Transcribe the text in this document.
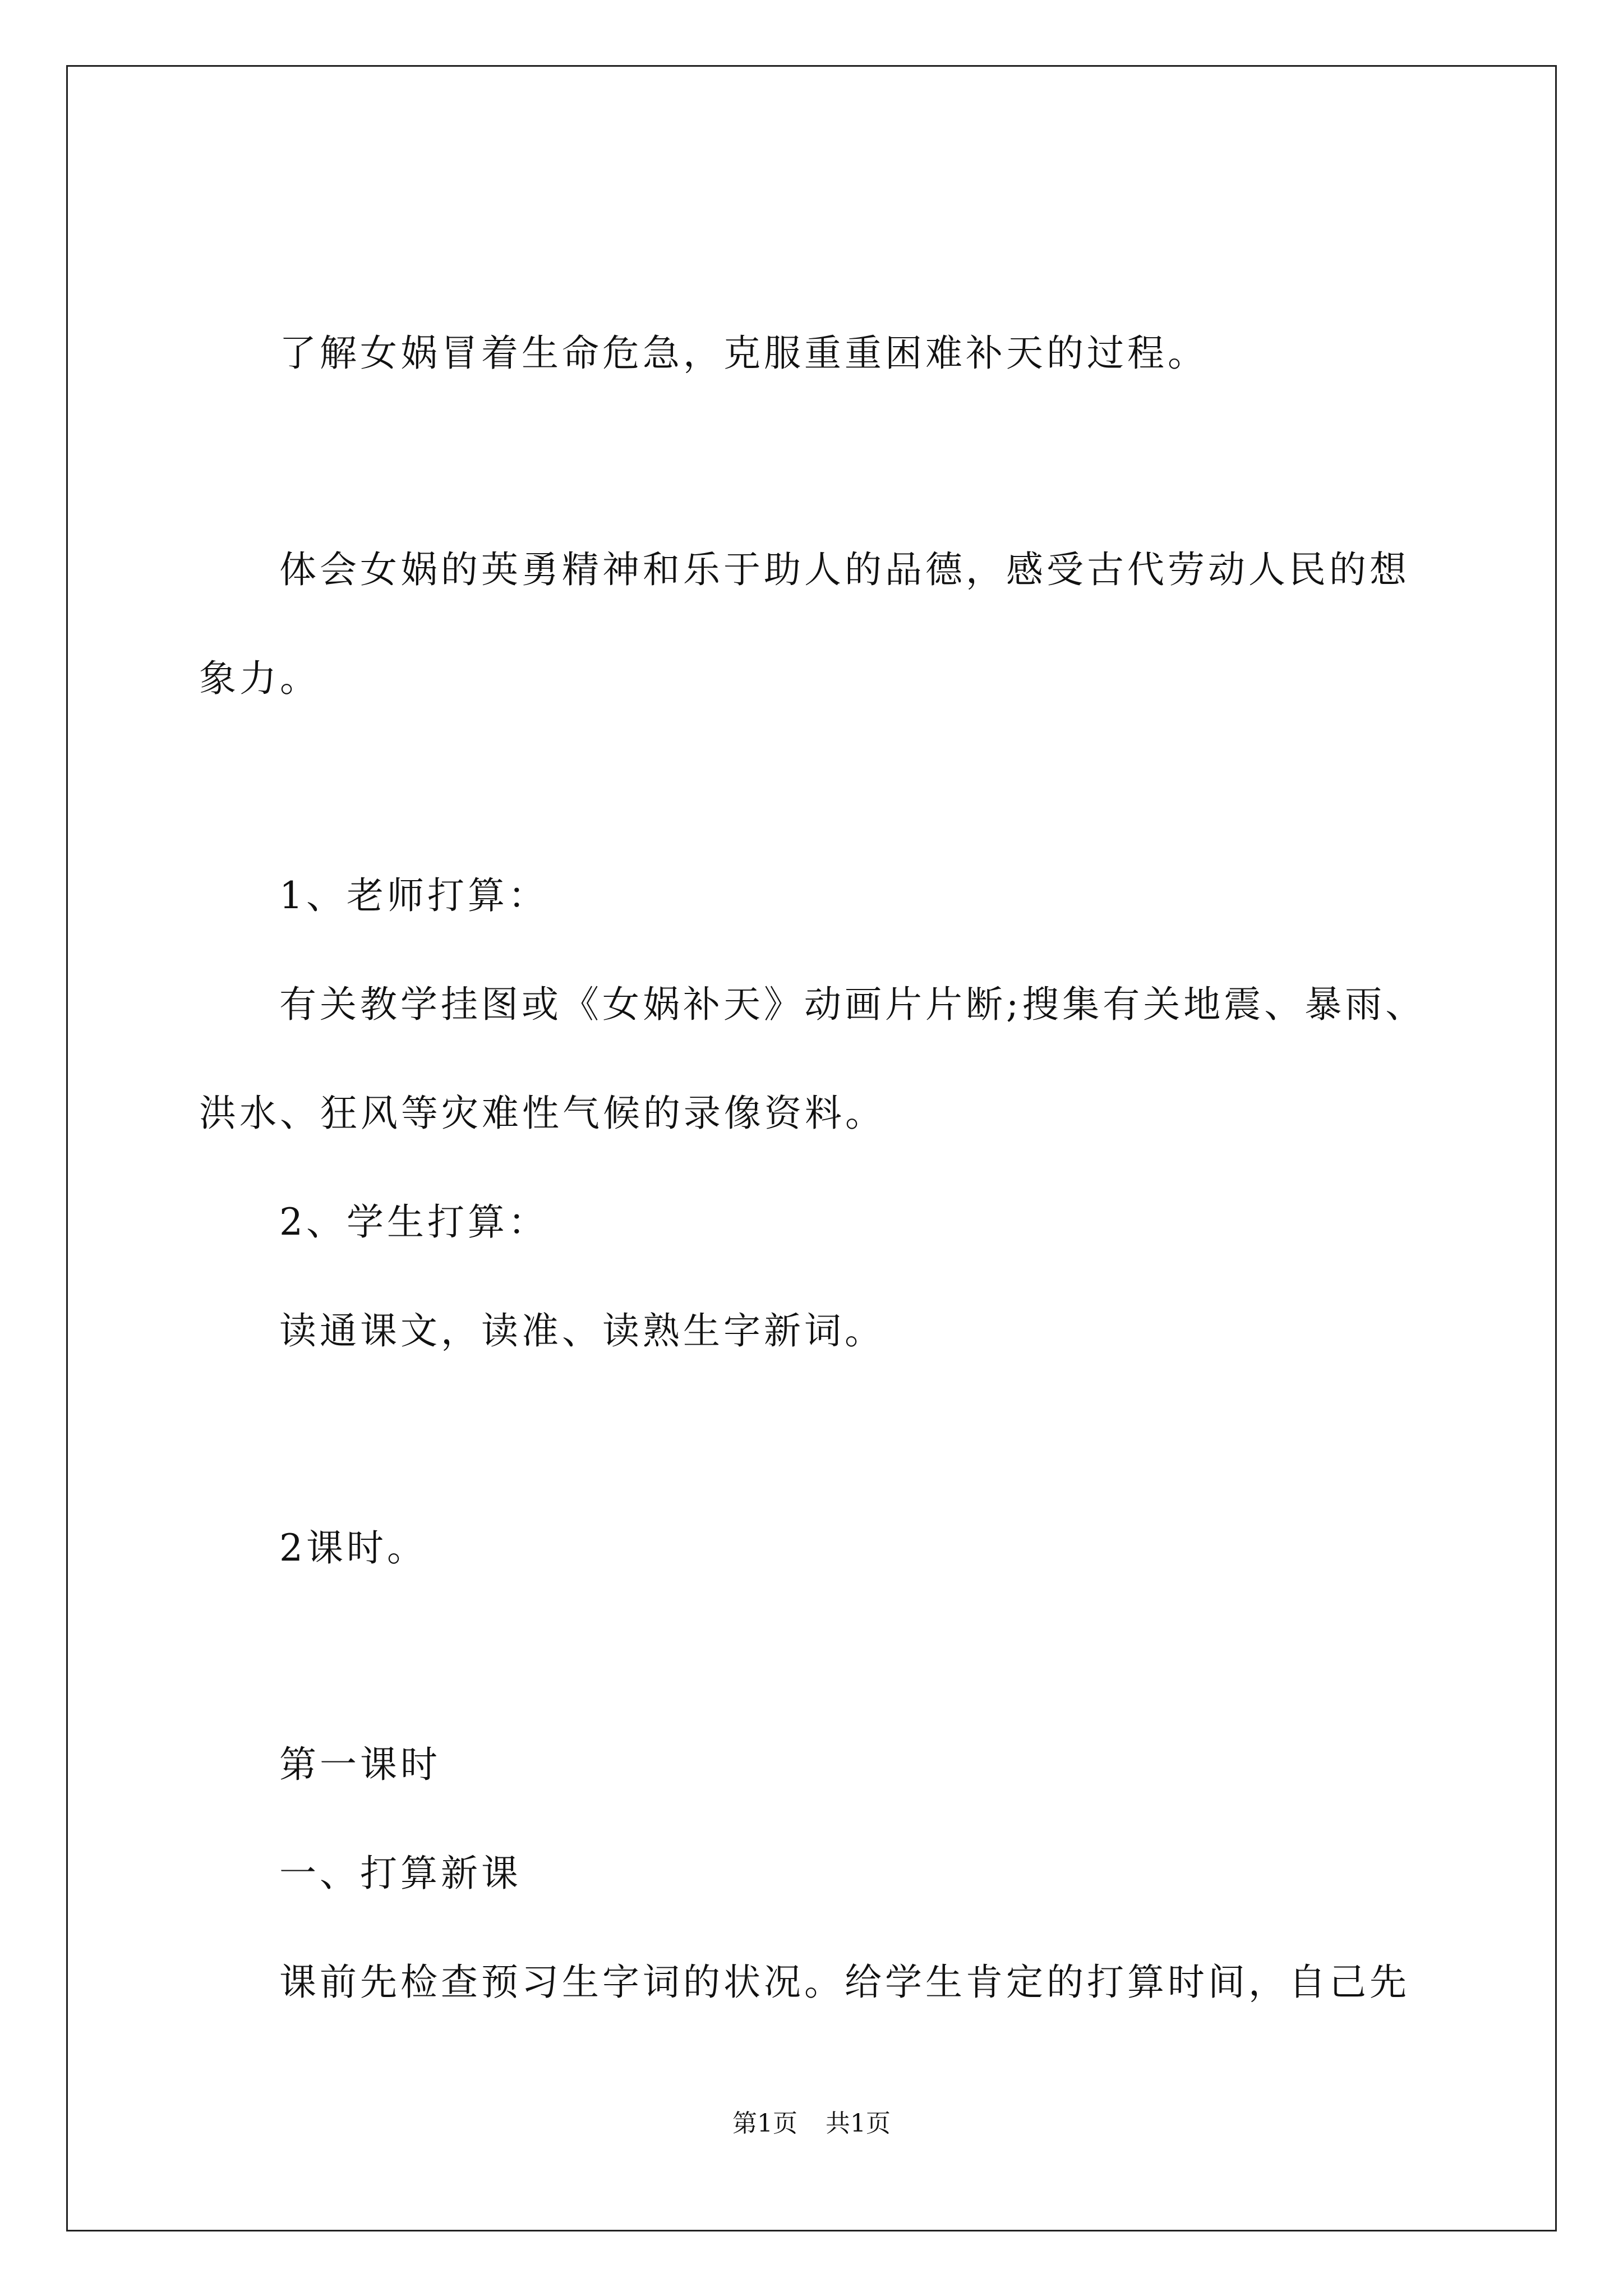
了解女娲冒着生命危急，克服重重困难补天的过程。
体会女娲的英勇精神和乐于助人的品德，感受古代劳动人民的想
象力。
1、老师打算：
有关教学挂图或《女娲补天》动画片片断;搜集有关地震、暴雨、
洪水、狂风等灾难性气候的录像资料。
2、学生打算：
读通课文，读准、读熟生字新词。
2课时。
第一课时
一、打算新课
课前先检查预习生字词的状况。给学生肯定的打算时间，自己先
第1页 共1页
